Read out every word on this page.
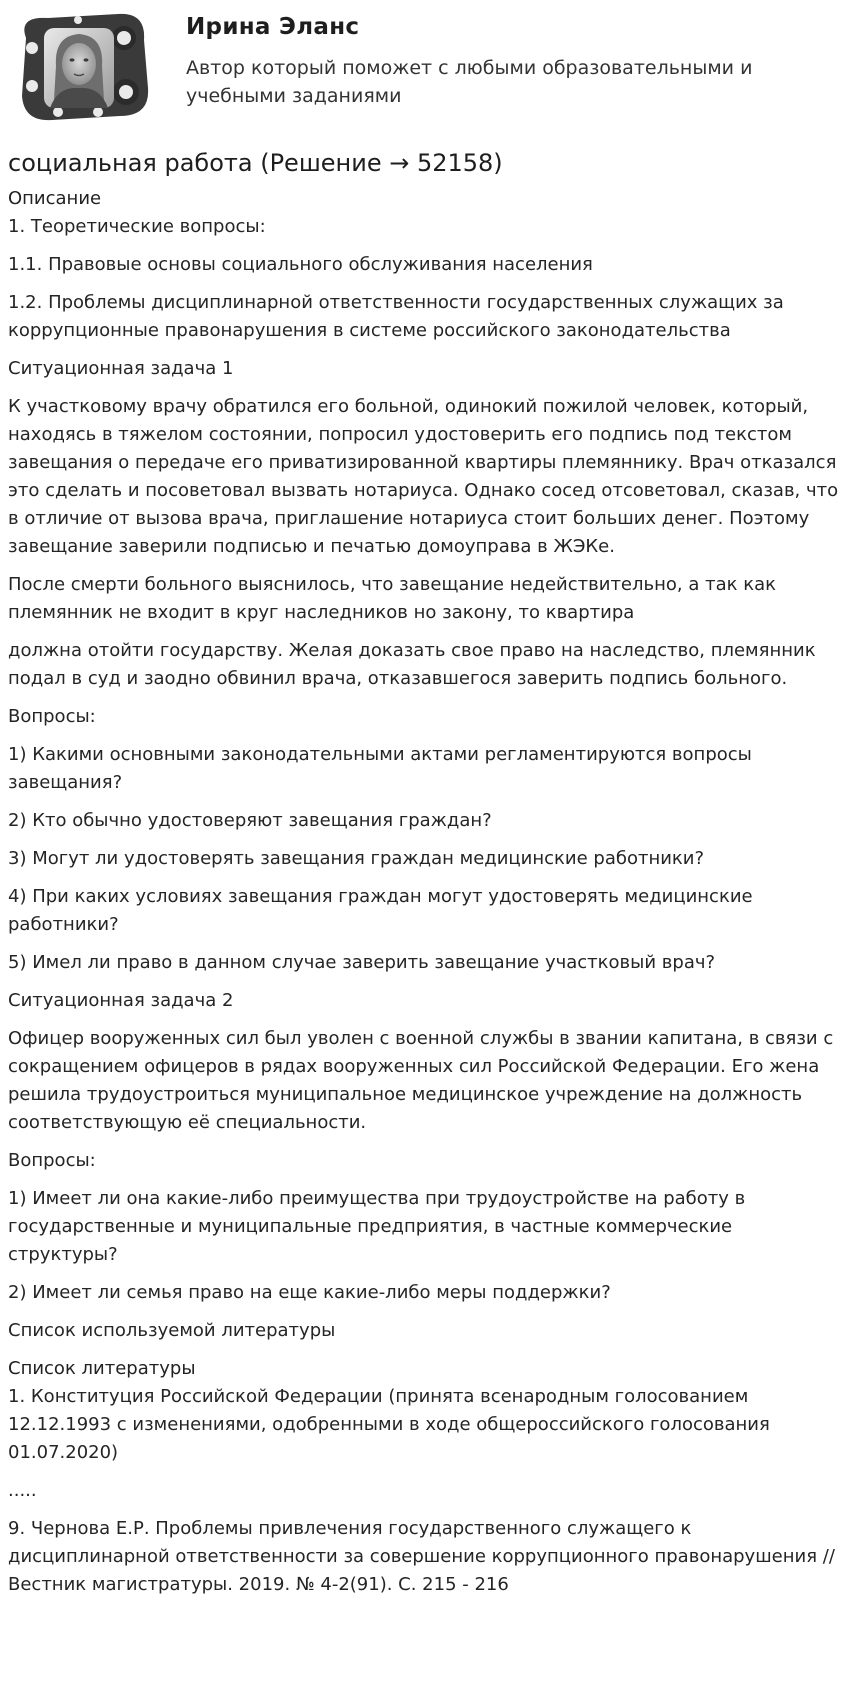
Ирина Эланс
Автор который поможет с любыми образовательными и учебными заданиями
социальная работа (Решение → 52158)

Описание

1. Теоретические вопросы:

1.1. Правовые основы социального обслуживания населения

1.2. Проблемы дисциплинарной ответственности государственных служащих за коррупционные правонарушения в системе российского законодательства

Ситуационная задача 1

К участковому врачу обратился его больной, одинокий пожилой человек, который, находясь в тяжелом состоянии, попросил удостоверить его подпись под текстом завещания о передаче его приватизированной квартиры племяннику. Врач отказался это сделать и посоветовал вызвать нотариуса. Однако сосед отсоветовал, сказав, что в отличие от вызова врача, приглашение нотариуса стоит больших денег. Поэтому завещание заверили подписью и печатью домоуправа в ЖЭКе.

После смерти больного выяснилось, что завещание недействительно, а так как племянник не входит в круг наследников но закону, то квартира

должна отойти государству. Желая доказать свое право на наследство, племянник подал в суд и заодно обвинил врача, отказавшегося заверить подпись больного.

Вопросы:

1) Какими основными законодательными актами регламентируются вопросы завещания?

2) Кто обычно удостоверяют завещания граждан?

3) Могут ли удостоверять завещания граждан медицинские работники?

4) При каких условиях завещания граждан могут удостоверять медицинские работники?

5) Имел ли право в данном случае заверить завещание участковый врач?

Ситуационная задача 2

Офицер вооруженных сил был уволен с военной службы в звании капитана, в связи с сокращением офицеров в рядах вооруженных сил Российской Федерации. Его жена решила трудоустроиться муниципальное медицинское учреждение на должность соответствующую её специальности.

Вопросы:

1) Имеет ли она какие-либо преимущества при трудоустройстве на работу в государственные и муниципальные предприятия, в частные коммерческие структуры?

2) Имеет ли семья право на еще какие-либо меры поддержки?

Список используемой литературы

Список литературы

1. Конституция Российской Федерации (принята всенародным голосованием 12.12.1993 с изменениями, одобренными в ходе общероссийского голосования 01.07.2020)

.....

9. Чернова Е.Р. Проблемы привлечения государственного служащего к дисциплинарной ответственности за совершение коррупционного правонарушения // Вестник магистратуры. 2019. № 4-2(91). С. 215 - 216
